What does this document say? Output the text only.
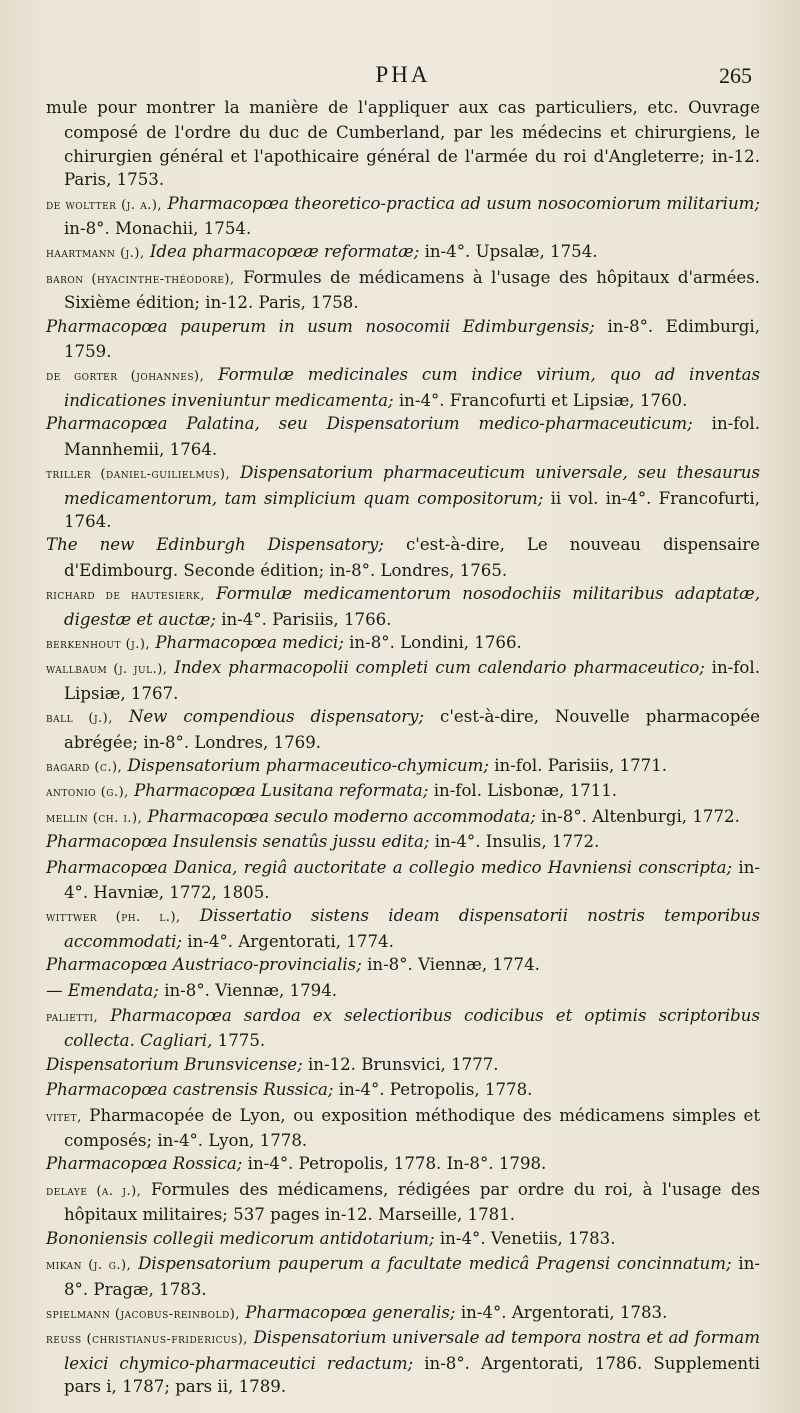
PHA	265
mule pour montrer la manière de l'appliquer aux cas particuliers, etc. Ouvrage composé de l'ordre du duc de Cumberland, par les médecins et chirurgiens, le chirurgien général et l'apothicaire général de l'armée du roi d'Angleterre; in-12. Paris, 1753.
de woltter (j. a.), Pharmacopœa theoretico-practica ad usum nosocomiorum militarium; in-8°. Monachii, 1754.
haartmann (j.), Idea pharmacopœæ reformatæ; in-4°. Upsalæ, 1754.
baron (hyacinthe-théodore), Formules de médicamens à l'usage des hôpitaux d'armées. Sixième édition; in-12. Paris, 1758.
Pharmacopœa pauperum in usum nosocomii Edimburgensis; in-8°. Edimburgi, 1759.
de gorter (johannes), Formulæ medicinales cum indice virium, quo ad inventas indicationes inveniuntur medicamenta; in-4°. Francofurti et Lipsiæ, 1760.
Pharmacopœa Palatina, seu Dispensatorium medico-pharmaceuticum; in-fol. Mannhemii, 1764.
triller (daniel-guilielmus), Dispensatorium pharmaceuticum universale, seu thesaurus medicamentorum, tam simplicium quam compositorum; ii vol. in-4°. Francofurti, 1764.
The new Edinburgh Dispensatory; c'est-à-dire, Le nouveau dispensaire d'Edimbourg. Seconde édition; in-8°. Londres, 1765.
richard de hautesierk, Formulæ medicamentorum nosodochiis militaribus adaptatæ, digestæ et auctæ; in-4°. Parisiis, 1766.
berkenhout (j.), Pharmacopœa medici; in-8°. Londini, 1766.
wallbaum (j. jul.), Index pharmacopolii completi cum calendario pharmaceutico; in-fol. Lipsiæ, 1767.
ball (j.), New compendious dispensatory; c'est-à-dire, Nouvelle pharmacopée abrégée; in-8°. Londres, 1769.
bagard (c.), Dispensatorium pharmaceutico-chymicum; in-fol. Parisiis, 1771.
antonio (g.), Pharmacopœa Lusitana reformata; in-fol. Lisbonæ, 1711.
mellin (ch. i.), Pharmacopœa seculo moderno accommodata; in-8°. Altenburgi, 1772.
Pharmacopœa Insulensis senatûs jussu edita; in-4°. Insulis, 1772.
Pharmacopœa Danica, regiâ auctoritate a collegio medico Havniensi conscripta; in-4°. Havniæ, 1772, 1805.
wittwer (ph. l.), Dissertatio sistens ideam dispensatorii nostris temporibus accommodati; in-4°. Argentorati, 1774.
Pharmacopœa Austriaco-provincialis; in-8°. Viennæ, 1774.
— Emendata; in-8°. Viennæ, 1794.
palietti, Pharmacopœa sardoa ex selectioribus codicibus et optimis scriptoribus collecta. Cagliari, 1775.
Dispensatorium Brunsvicense; in-12. Brunsvici, 1777.
Pharmacopœa castrensis Russica; in-4°. Petropolis, 1778.
vitet, Pharmacopée de Lyon, ou exposition méthodique des médicamens simples et composés; in-4°. Lyon, 1778.
Pharmacopœa Rossica; in-4°. Petropolis, 1778. In-8°. 1798.
delaye (a. j.), Formules des médicamens, rédigées par ordre du roi, à l'usage des hôpitaux militaires; 537 pages in-12. Marseille, 1781.
Bononiensis collegii medicorum antidotarium; in-4°. Venetiis, 1783.
mikan (j. g.), Dispensatorium pauperum a facultate medicâ Pragensi concinnatum; in-8°. Pragæ, 1783.
spielmann (jacobus-reinbold), Pharmacopœa generalis; in-4°. Argentorati, 1783.
reuss (christianus-fridericus), Dispensatorium universale ad tempora nostra et ad formam lexici chymico-pharmaceutici redactum; in-8°. Argentorati, 1786. Supplementi pars i, 1787; pars ii, 1789.
